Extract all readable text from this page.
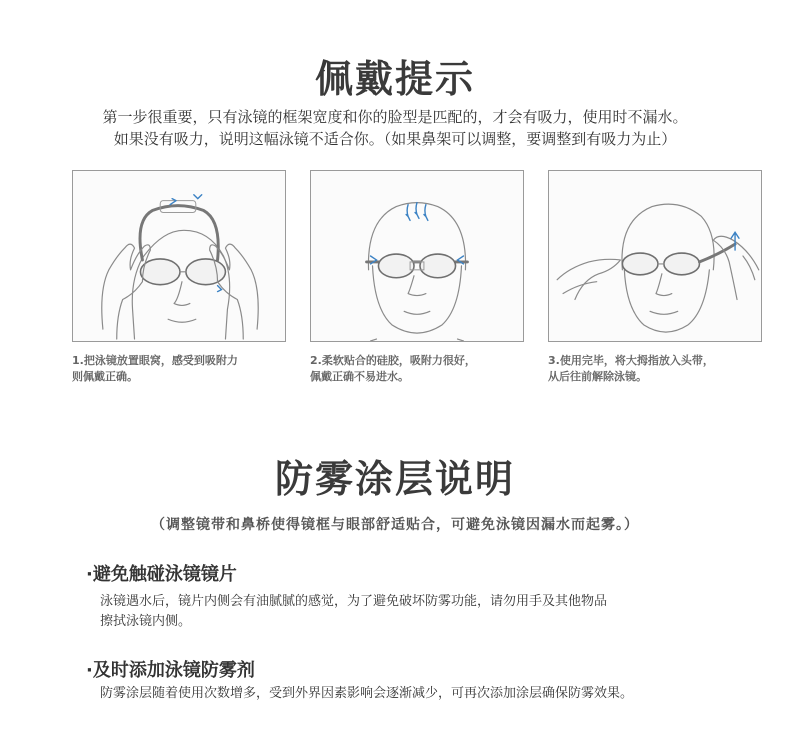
佩戴提示
第一步很重要，只有泳镜的框架宽度和你的脸型是匹配的，才会有吸力，使用时不漏水。
如果没有吸力，说明这幅泳镜不适合你。（如果鼻架可以调整，要调整到有吸力为止）
1.把泳镜放置眼窝，感受到吸附力
则佩戴正确。
2.柔软贴合的硅胶，吸附力很好，
佩戴正确不易进水。
3.使用完毕，将大拇指放入头带，
从后往前解除泳镜。
防雾涂层说明
（调整镜带和鼻桥使得镜框与眼部舒适贴合，可避免泳镜因漏水而起雾。）
·避免触碰泳镜镜片
泳镜遇水后，镜片内侧会有油腻腻的感觉，为了避免破坏防雾功能，请勿用手及其他物品
擦拭泳镜内侧。
·及时添加泳镜防雾剂
防雾涂层随着使用次数增多，受到外界因素影响会逐渐减少，可再次添加涂层确保防雾效果。
